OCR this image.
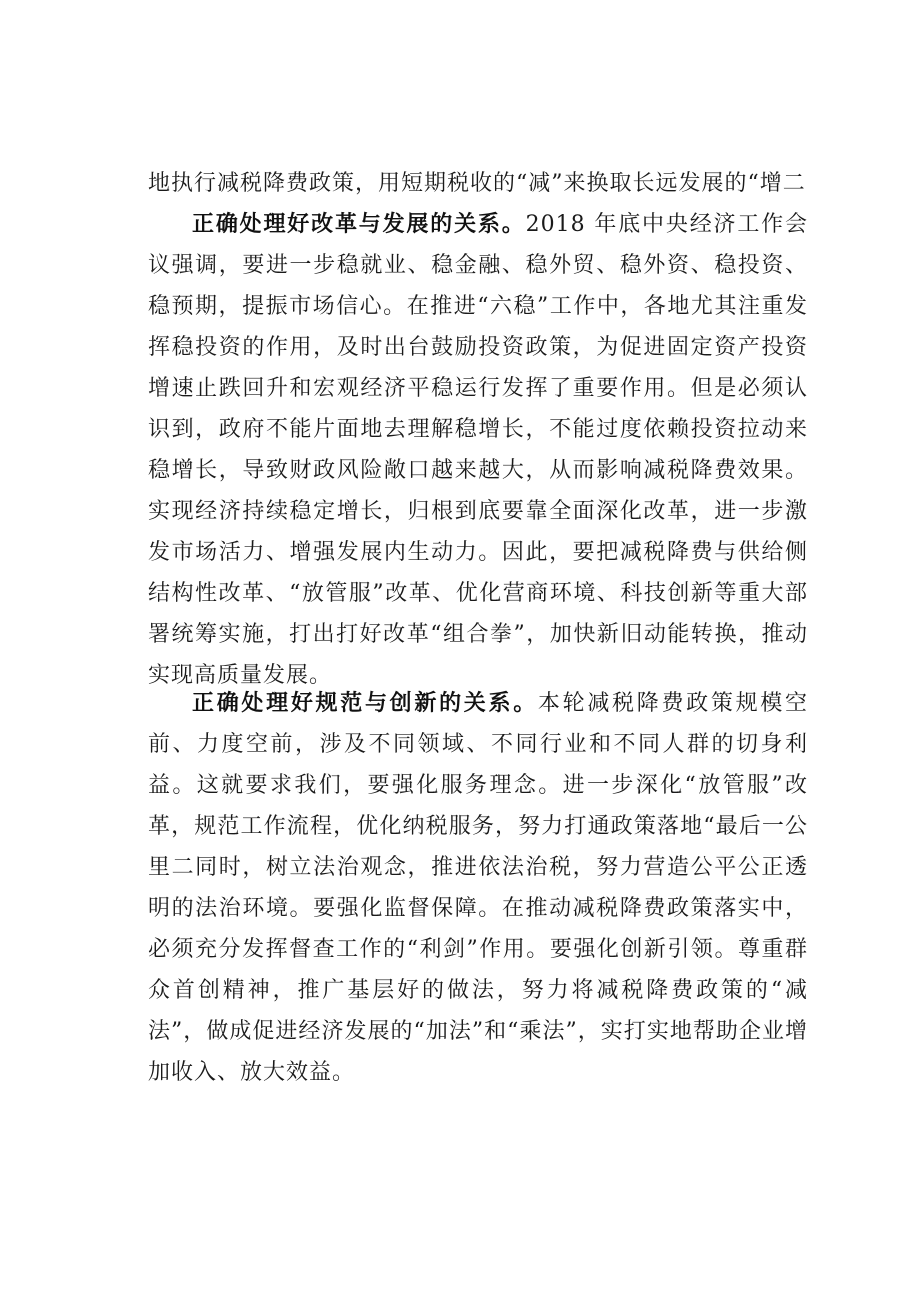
地执行减税降费政策，用短期税收的“减”来换取长远发展的“增二

正确处理好改革与发展的关系。2018 年底中央经济工作会议强调，要进一步稳就业、稳金融、稳外贸、稳外资、稳投资、稳预期，提振市场信心。在推进“六稳”工作中，各地尤其注重发挥稳投资的作用，及时出台鼓励投资政策，为促进固定资产投资增速止跌回升和宏观经济平稳运行发挥了重要作用。但是必须认识到，政府不能片面地去理解稳增长，不能过度依赖投资拉动来稳增长，导致财政风险敞口越来越大，从而影响减税降费效果。实现经济持续稳定增长，归根到底要靠全面深化改革，进一步激发市场活力、增强发展内生动力。因此，要把减税降费与供给侧结构性改革、“放管服”改革、优化营商环境、科技创新等重大部署统筹实施，打出打好改革“组合拳”，加快新旧动能转换，推动实现高质量发展。

正确处理好规范与创新的关系。本轮减税降费政策规模空前、力度空前，涉及不同领域、不同行业和不同人群的切身利益。这就要求我们，要强化服务理念。进一步深化“放管服”改革，规范工作流程，优化纳税服务，努力打通政策落地“最后一公里二同时，树立法治观念，推进依法治税，努力营造公平公正透明的法治环境。要强化监督保障。在推动减税降费政策落实中，必须充分发挥督查工作的“利剑”作用。要强化创新引领。尊重群众首创精神，推广基层好的做法，努力将减税降费政策的“减法”，做成促进经济发展的“加法”和“乘法”，实打实地帮助企业增加收入、放大效益。
